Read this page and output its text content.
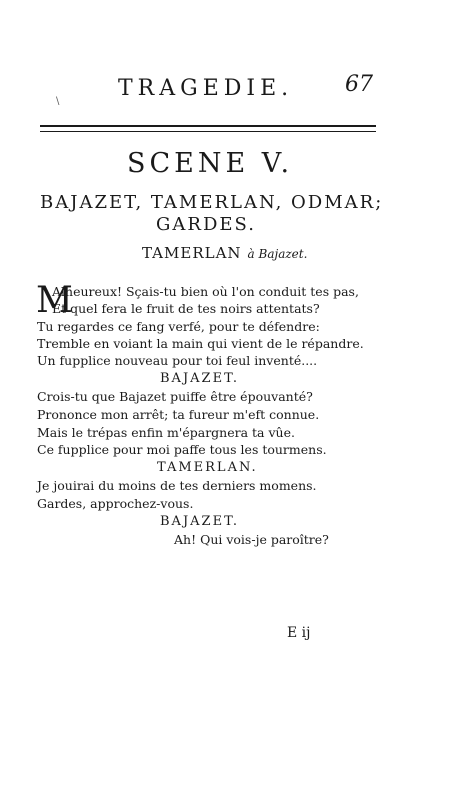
TRAGEDIE. 67
\
SCENE V.
BAJAZET, TAMERLAN, ODMAR;
GARDES.
TAMERLAN à Bajazet.
M
Alheureux! Sçais-tu bien où l'on conduit tes pas,
Et quel fera le fruit de tes noirs attentats?
Tu regardes ce fang verfé, pour te défendre:
Tremble en voiant la main qui vient de le répandre.
Un fupplice nouveau pour toi feul inventé....
BAJAZET.
Crois-tu que Bajazet puiffe être épouvanté?
Prononce mon arrêt; ta fureur m'eft connue.
Mais le trépas enfin m'épargnera ta vûe.
Ce fupplice pour moi paffe tous les tourmens.
TAMERLAN.
Je jouirai du moins de tes derniers momens.
Gardes, approchez-vous.
BAJAZET.
Ah! Qui vois-je paroître?
E ij
